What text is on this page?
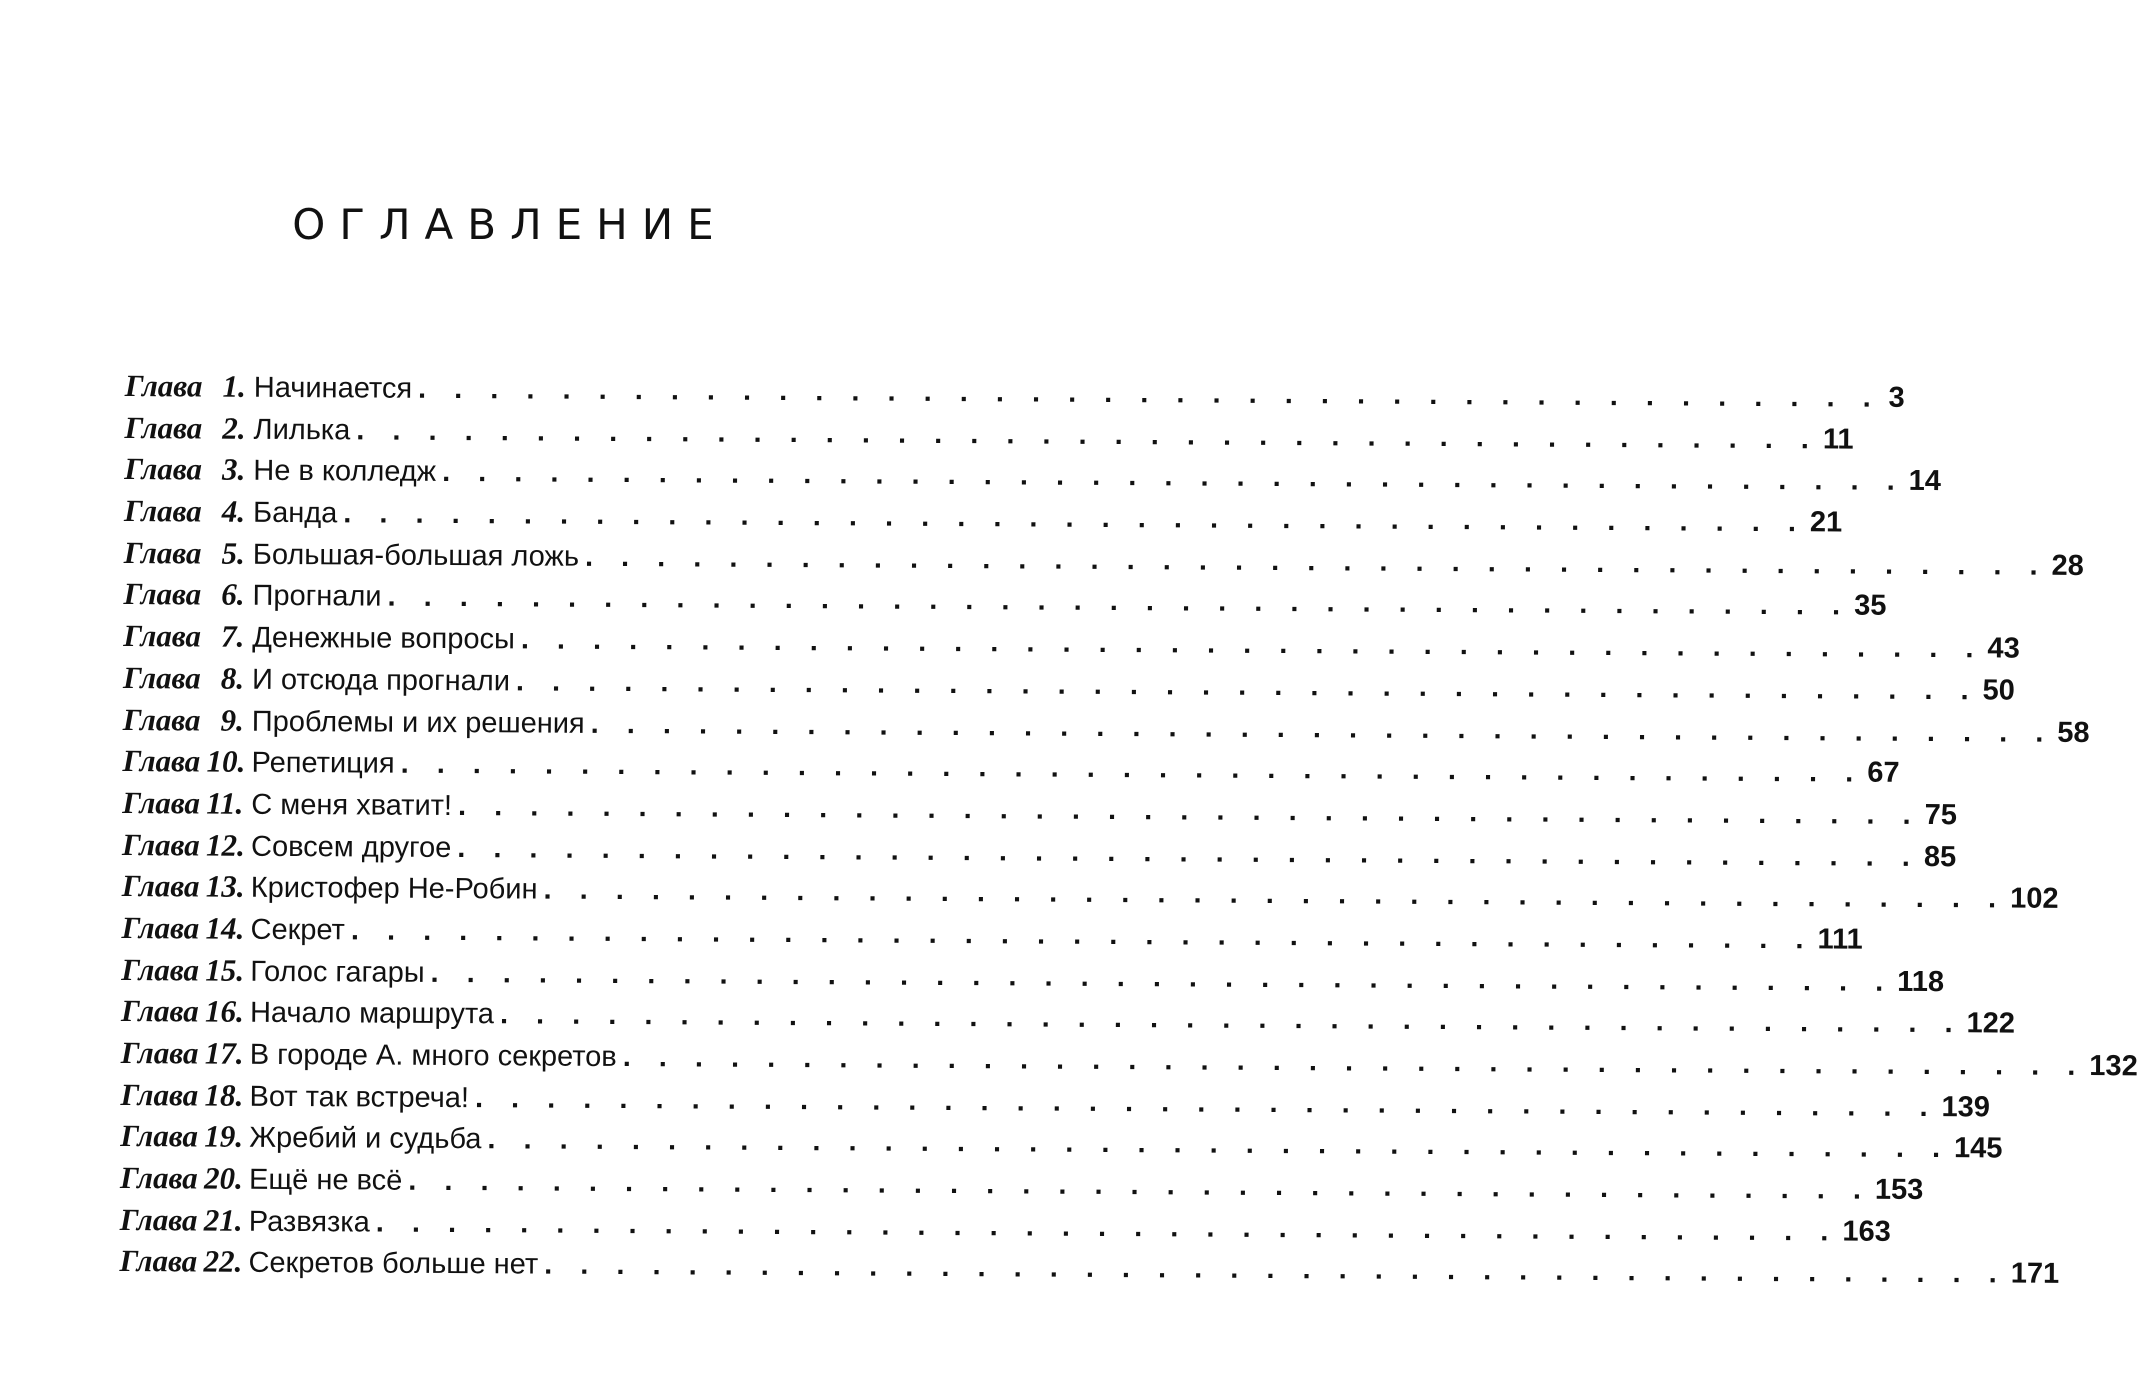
ОГЛАВЛЕНИЕ
Глава 1. Начинается . . . . . . . . . . . . . . . . . . . . . . . . . . . . . . . . . . . . . . . . . 3
Глава 2. Лилька . . . . . . . . . . . . . . . . . . . . . . . . . . . . . . . . . . . . . . . . . 11
Глава 3. Не в колледж . . . . . . . . . . . . . . . . . . . . . . . . . . . . . . . . . . . . . . . . . 14
Глава 4. Банда . . . . . . . . . . . . . . . . . . . . . . . . . . . . . . . . . . . . . . . . . 21
Глава 5. Большая-большая ложь . . . . . . . . . . . . . . . . . . . . . . . . . . . . . . . . . . . . . . . . . 28
Глава 6. Прогнали . . . . . . . . . . . . . . . . . . . . . . . . . . . . . . . . . . . . . . . . . 35
Глава 7. Денежные вопросы . . . . . . . . . . . . . . . . . . . . . . . . . . . . . . . . . . . . . . . . . 43
Глава 8. И отсюда прогнали . . . . . . . . . . . . . . . . . . . . . . . . . . . . . . . . . . . . . . . . . 50
Глава 9. Проблемы и их решения . . . . . . . . . . . . . . . . . . . . . . . . . . . . . . . . . . . . . . . . . 58
Глава 10. Репетиция . . . . . . . . . . . . . . . . . . . . . . . . . . . . . . . . . . . . . . . . . 67
Глава 11. С меня хватит! . . . . . . . . . . . . . . . . . . . . . . . . . . . . . . . . . . . . . . . . . 75
Глава 12. Совсем другое . . . . . . . . . . . . . . . . . . . . . . . . . . . . . . . . . . . . . . . . . 85
Глава 13. Кристофер Не-Робин . . . . . . . . . . . . . . . . . . . . . . . . . . . . . . . . . . . . . . . . . 102
Глава 14. Секрет . . . . . . . . . . . . . . . . . . . . . . . . . . . . . . . . . . . . . . . . . 111
Глава 15. Голос гагары . . . . . . . . . . . . . . . . . . . . . . . . . . . . . . . . . . . . . . . . . 118
Глава 16. Начало маршрута . . . . . . . . . . . . . . . . . . . . . . . . . . . . . . . . . . . . . . . . . 122
Глава 17. В городе А. много секретов . . . . . . . . . . . . . . . . . . . . . . . . . . . . . . . . . . . . . . . . . 132
Глава 18. Вот так встреча! . . . . . . . . . . . . . . . . . . . . . . . . . . . . . . . . . . . . . . . . . 139
Глава 19. Жребий и судьба . . . . . . . . . . . . . . . . . . . . . . . . . . . . . . . . . . . . . . . . . 145
Глава 20. Ещё не всё . . . . . . . . . . . . . . . . . . . . . . . . . . . . . . . . . . . . . . . . . 153
Глава 21. Развязка . . . . . . . . . . . . . . . . . . . . . . . . . . . . . . . . . . . . . . . . . 163
Глава 22. Секретов больше нет . . . . . . . . . . . . . . . . . . . . . . . . . . . . . . . . . . . . . . . . . 171
